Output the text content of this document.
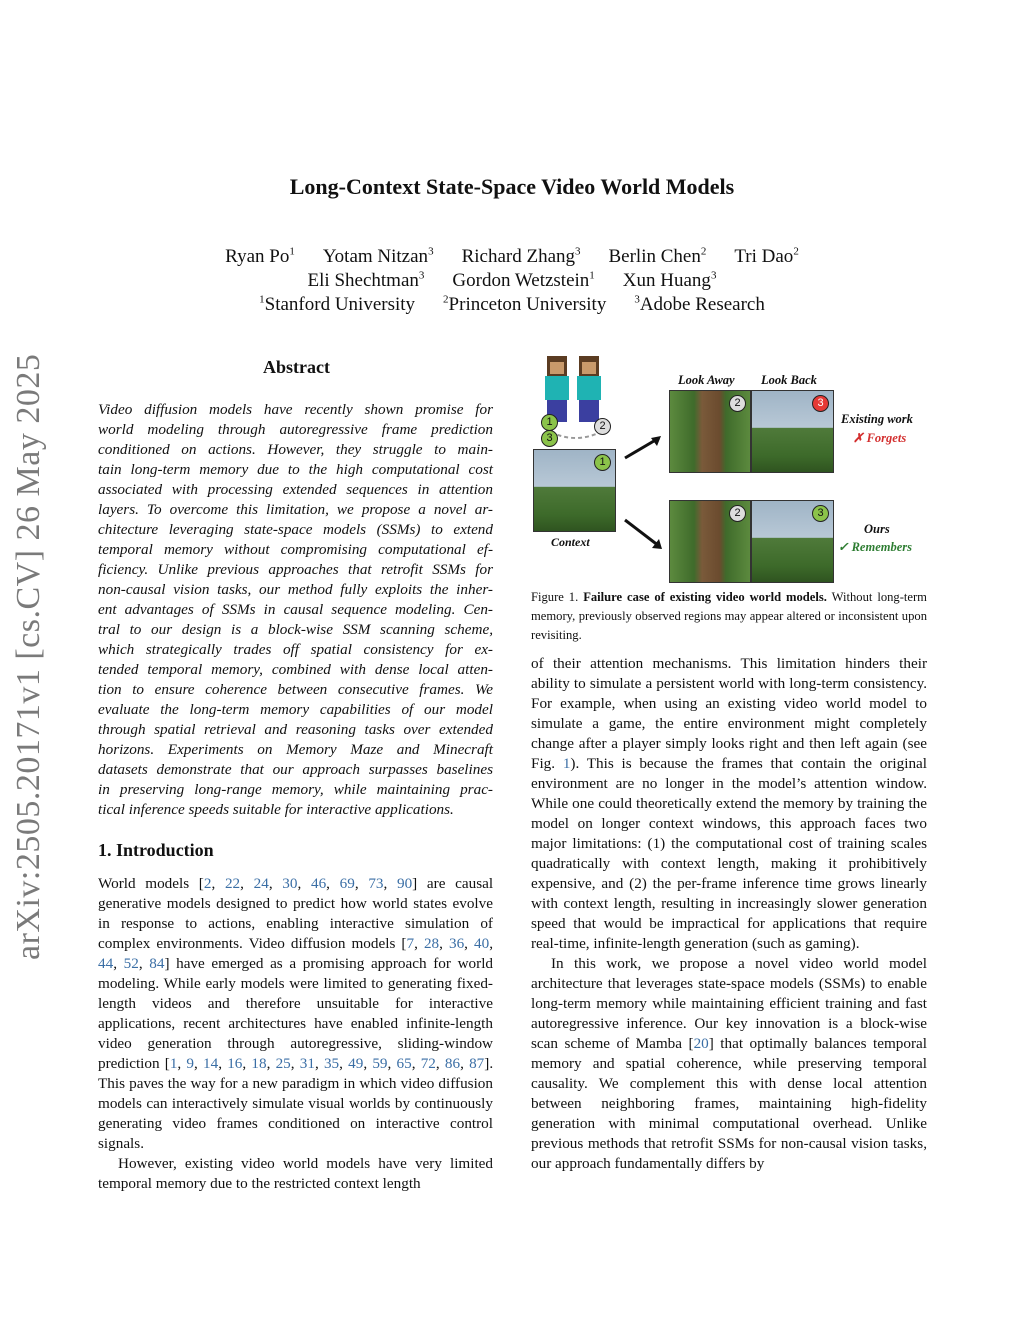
arXiv:2505.20171v1 [cs.CV] 26 May 2025
Long-Context State-Space Video World Models
Ryan Po$^1$ Yotam Nitzan$^3$ Richard Zhang$^3$ Berlin Chen$^2$ Tri Dao$^2$
Eli Shechtman$^3$ Gordon Wetzstein$^1$ Xun Huang$^3$
$^1$Stanford University	$^2$Princeton University	$^3$Adobe Research
Abstract
Video diffusion models have recently shown promise for
world modeling through autoregressive frame prediction
conditioned on actions. However, they struggle to main-
tain long-term memory due to the high computational cost
associated with processing extended sequences in attention
layers. To overcome this limitation, we propose a novel ar-
chitecture leveraging state-space models (SSMs) to extend
temporal memory without compromising computational ef-
ficiency. Unlike previous approaches that retrofit SSMs for
non-causal vision tasks, our method fully exploits the inher-
ent advantages of SSMs in causal sequence modeling. Cen-
tral to our design is a block-wise SSM scanning scheme,
which strategically trades off spatial consistency for ex-
tended temporal memory, combined with dense local atten-
tion to ensure coherence between consecutive frames. We
evaluate the long-term memory capabilities of our model
through spatial retrieval and reasoning tasks over extended
horizons. Experiments on Memory Maze and Minecraft
datasets demonstrate that our approach surpasses baselines
in preserving long-range memory, while maintaining prac-
tical inference speeds suitable for interactive applications.
1. Introduction

World models [2, 22, 24, 30, 46, 69, 73, 90] are causal generative models designed to predict how world states evolve in response to actions, enabling interactive simulation of complex environments. Video diffusion models [7, 28, 36, 40, 44, 52, 84] have emerged as a promising approach for world modeling. While early models were limited to generating fixed-length videos and therefore unsuitable for interactive applications, recent architectures have enabled infinite-length video generation through autoregressive, sliding-window prediction [1, 9, 14, 16, 18, 25, 31, 35, 49, 59, 65, 72, 86, 87]. This paves the way for a new paradigm in which video diffusion models can interactively simulate visual worlds by continuously generating video frames conditioned on interactive control signals.

However, existing video world models have very limited temporal memory due to the restricted context length

1
3
2
1
Context
Look Away Look Back
2	3
Existing work
✗ Forgets
2	3
Ours
✓ Remembers
Figure 1. Failure case of existing video world models. Without long-term memory, previously observed regions may appear altered or inconsistent upon revisiting.

of their attention mechanisms. This limitation hinders their ability to simulate a persistent world with long-term consistency. For example, when using an existing video world model to simulate a game, the entire environment might completely change after a player simply looks right and then left again (see Fig. 1). This is because the frames that contain the original environment are no longer in the model’s attention window. While one could theoretically extend the memory by training the model on longer context windows, this approach faces two major limitations: (1) the computational cost of training scales quadratically with context length, making it prohibitively expensive, and (2) the per-frame inference time grows linearly with context length, resulting in increasingly slower generation speed that would be impractical for applications that require real-time, infinite-length generation (such as gaming).

In this work, we propose a novel video world model architecture that leverages state-space models (SSMs) to enable long-term memory while maintaining efficient training and fast autoregressive inference. Our key innovation is a block-wise scan scheme of Mamba [20] that optimally balances temporal memory and spatial coherence, while preserving temporal causality. We complement this with dense local attention between neighboring frames, maintaining high-fidelity generation with minimal computational overhead. Unlike previous methods that retrofit SSMs for non-causal vision tasks, our approach fundamentally differs by
